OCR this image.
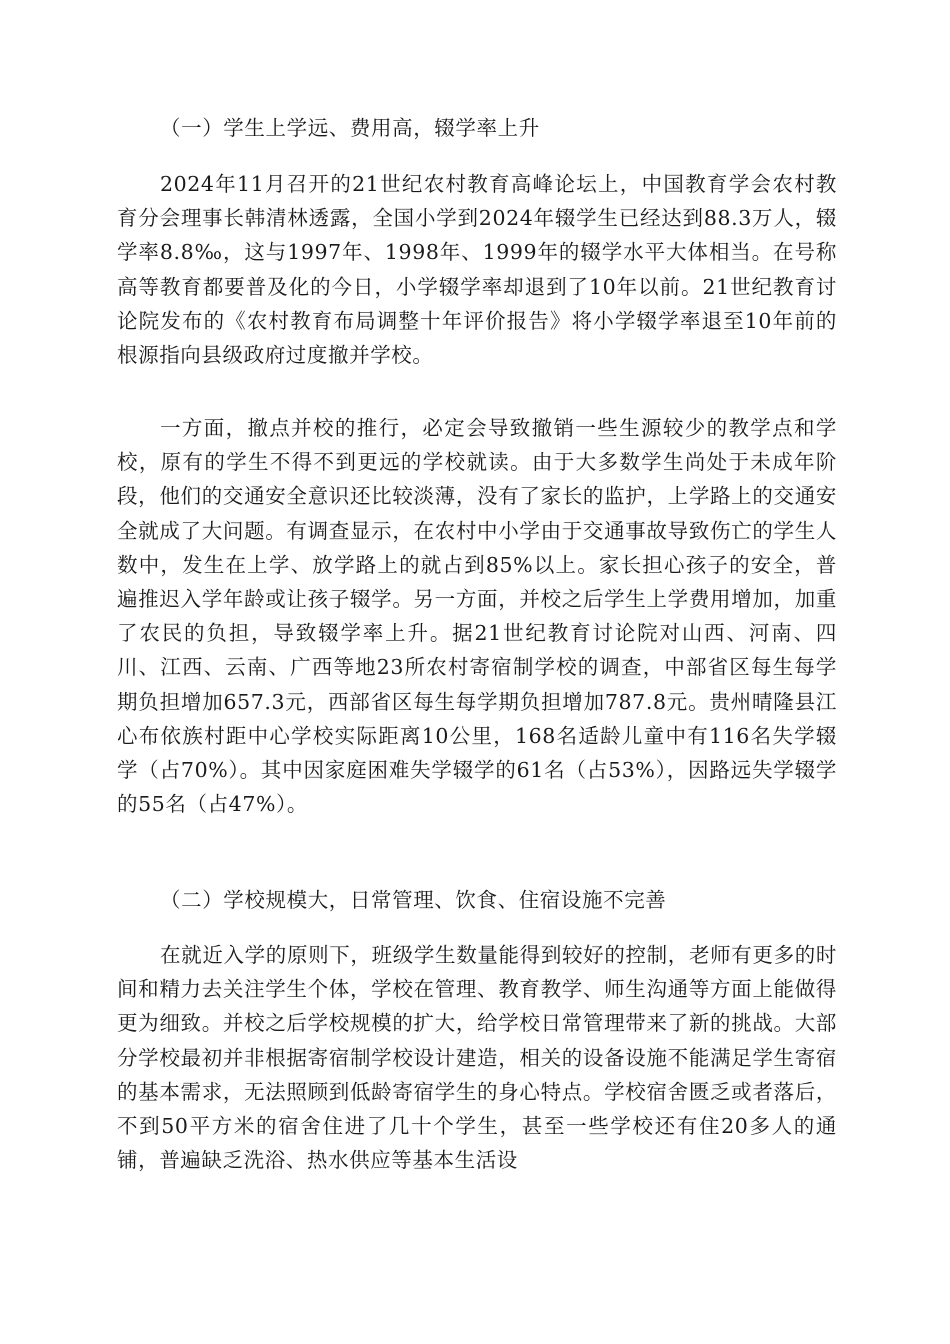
（一）学生上学远、费用高，辍学率上升

2024年11月召开的21世纪农村教育高峰论坛上，中国教育学会农村教育分会理事长韩清林透露，全国小学到2024年辍学生已经达到88.3万人，辍学率8.8‰，这与1997年、1998年、1999年的辍学水平大体相当。在号称高等教育都要普及化的今日，小学辍学率却退到了10年以前。21世纪教育讨论院发布的《农村教育布局调整十年评价报告》将小学辍学率退至10年前的根源指向县级政府过度撤并学校。

一方面，撤点并校的推行，必定会导致撤销一些生源较少的教学点和学校，原有的学生不得不到更远的学校就读。由于大多数学生尚处于未成年阶段，他们的交通安全意识还比较淡薄，没有了家长的监护，上学路上的交通安全就成了大问题。有调查显示，在农村中小学由于交通事故导致伤亡的学生人数中，发生在上学、放学路上的就占到85%以上。家长担心孩子的安全，普遍推迟入学年龄或让孩子辍学。另一方面，并校之后学生上学费用增加，加重了农民的负担，导致辍学率上升。据21世纪教育讨论院对山西、河南、四川、江西、云南、广西等地23所农村寄宿制学校的调查，中部省区每生每学期负担增加657.3元，西部省区每生每学期负担增加787.8元。贵州晴隆县江心布依族村距中心学校实际距离10公里，168名适龄儿童中有116名失学辍学（占70%）。其中因家庭困难失学辍学的61名（占53%），因路远失学辍学的55名（占47%）。

（二）学校规模大，日常管理、饮食、住宿设施不完善

在就近入学的原则下，班级学生数量能得到较好的控制，老师有更多的时间和精力去关注学生个体，学校在管理、教育教学、师生沟通等方面上能做得更为细致。并校之后学校规模的扩大，给学校日常管理带来了新的挑战。大部分学校最初并非根据寄宿制学校设计建造，相关的设备设施不能满足学生寄宿的基本需求，无法照顾到低龄寄宿学生的身心特点。学校宿舍匮乏或者落后，不到50平方米的宿舍住进了几十个学生，甚至一些学校还有住20多人的通铺，普遍缺乏洗浴、热水供应等基本生活设
